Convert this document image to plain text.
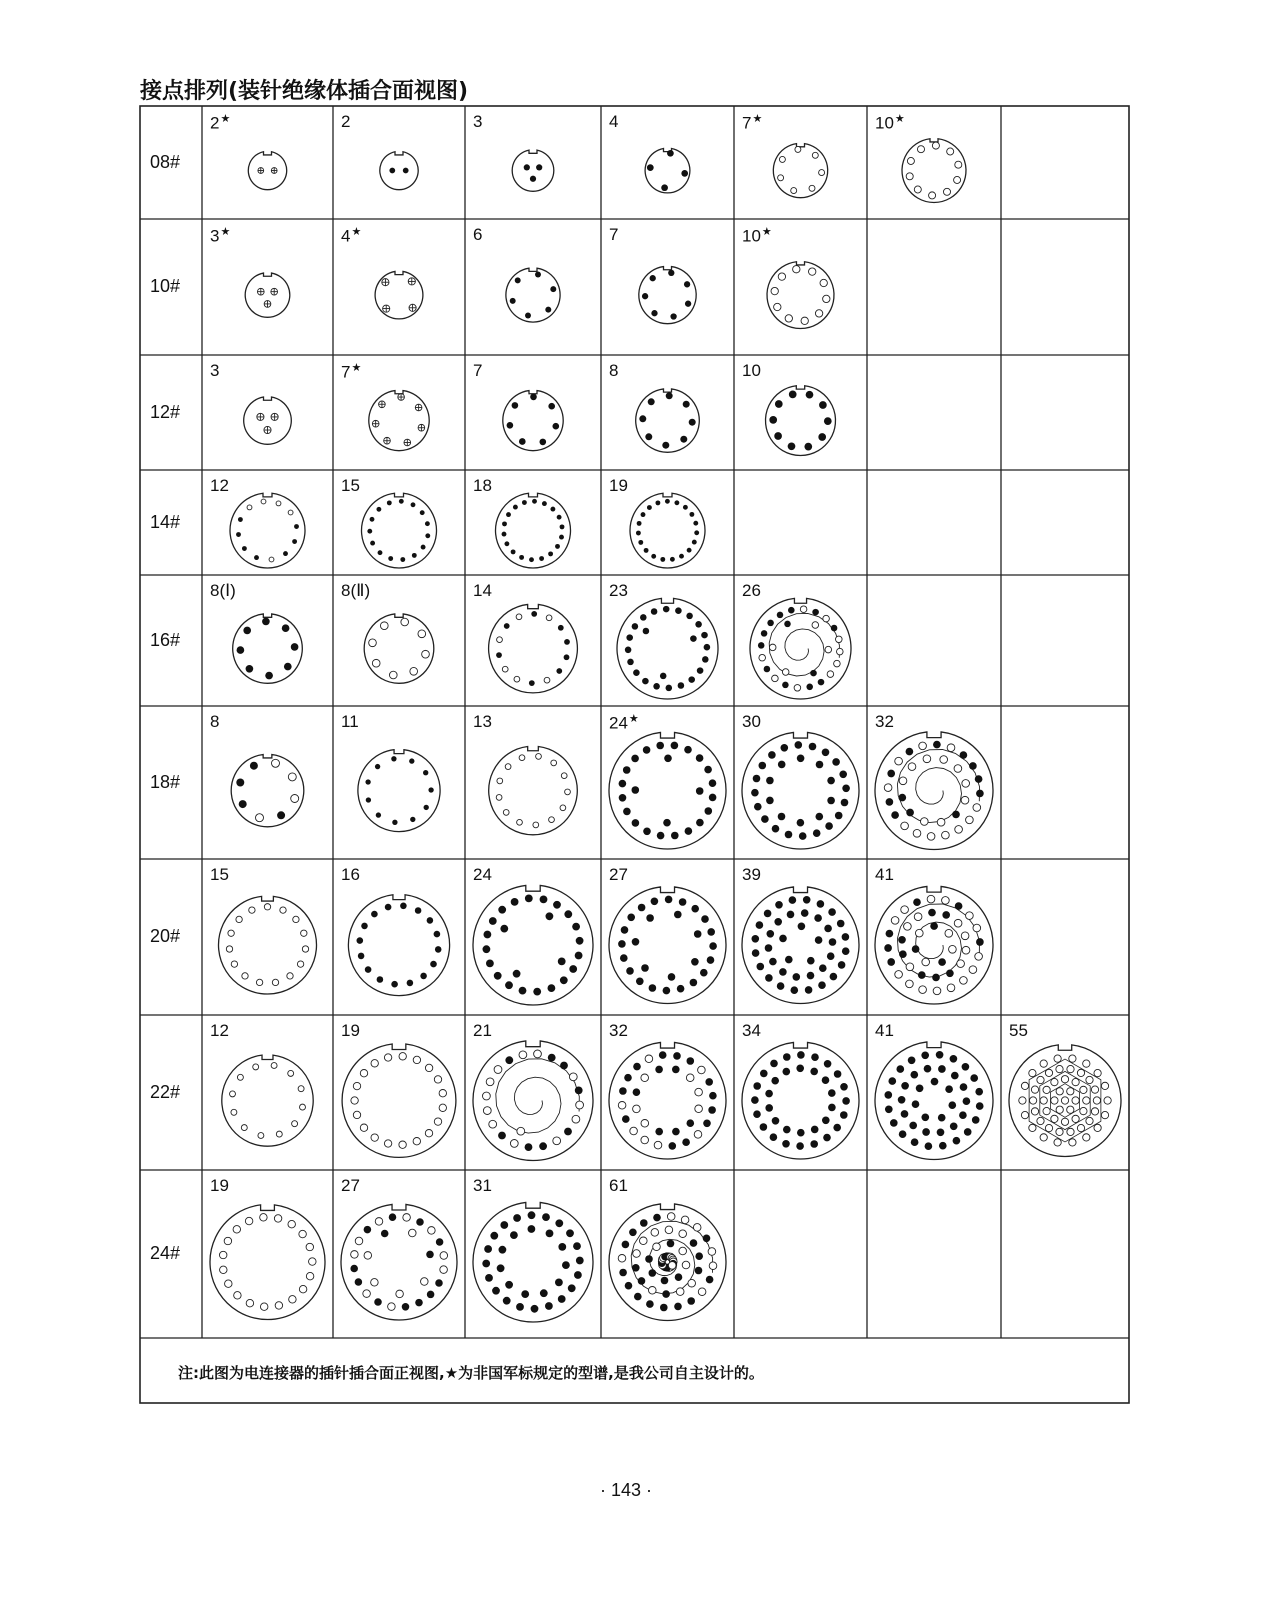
接点排列(装针绝缘体插合面视图)
注:此图为电连接器的插针插合面正视图,★为非国军标规定的型谱,是我公司自主设计的。
· 143 ·
08#
2★	2	3	4	7★	10★
10#
3★	4★	6	7	10★
12#
3	7★	7	8	10
14#
12	15	18	19
16#
8(Ⅰ)	8(Ⅱ)	14	23	26
18#
8	11	13	24★	30	32
20#
15	16	24	27	39	41
22#
12	19	21	32	34	41	55
24#
19	27	31	61
